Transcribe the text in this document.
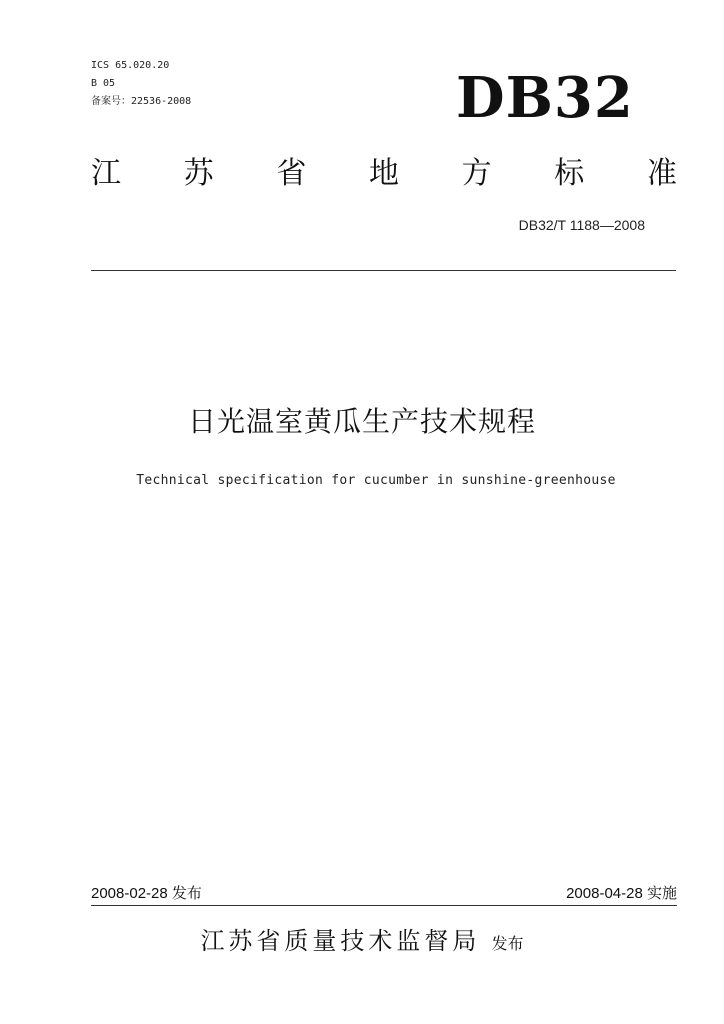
ICS 65.020.20
B 05
备案号：22536-2008	DB32
江 苏 省 地 方 标 准
DB32/T 1188—2008
日光温室黄瓜生产技术规程
Technical specification for cucumber in sunshine-greenhouse
2008-02-28 发布	2008-04-28 实施
江苏省质量技术监督局 发布
